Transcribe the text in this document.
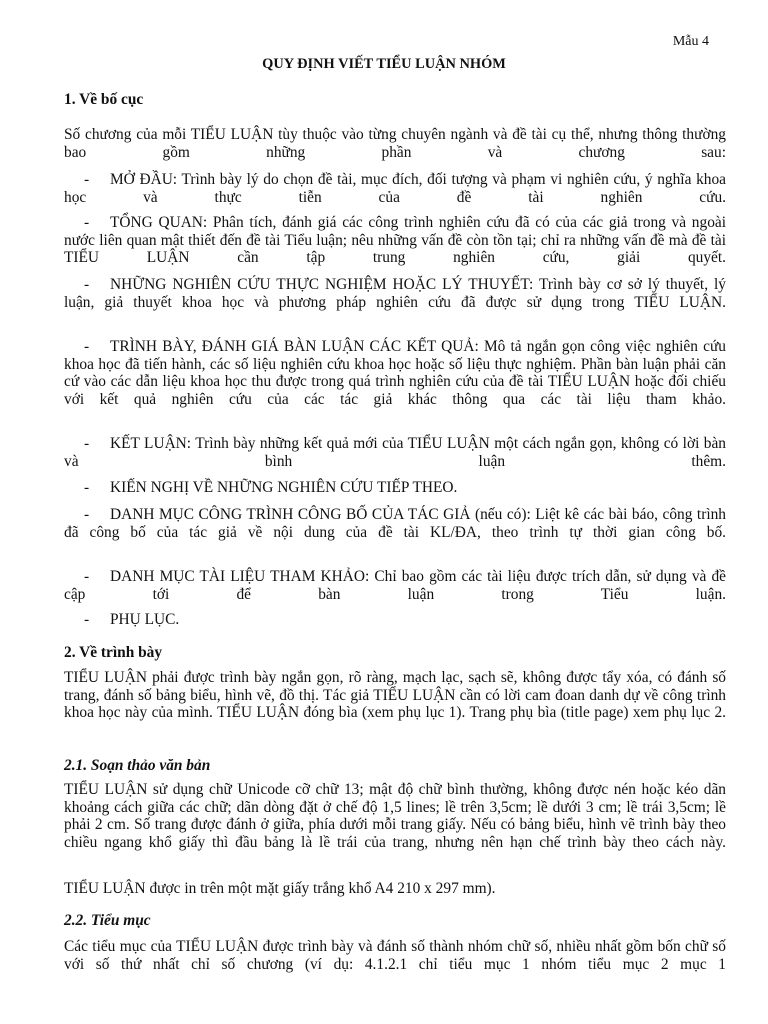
Mẫu 4
QUY ĐỊNH VIẾT TIỂU LUẬN NHÓM
1. Về bố cục

Số chương của mỗi TIỂU LUẬN tùy thuộc vào từng chuyên ngành và đề tài cụ thể, nhưng thông thường bao gồm những phần và chương sau:

- MỞ ĐẦU: Trình bày lý do chọn đề tài, mục đích, đối tượng và phạm vi nghiên cứu, ý nghĩa khoa học và thực tiễn của đề tài nghiên cứu.

- TỔNG QUAN: Phân tích, đánh giá các công trình nghiên cứu đã có của các giả trong và ngoài nước liên quan mật thiết đến đề tài Tiểu luận; nêu những vấn đề còn tồn tại; chỉ ra những vấn đề mà đề tài TIỂU LUẬN cần tập trung nghiên cứu, giải quyết.

- NHỮNG NGHIÊN CỨU THỰC NGHIỆM HOẶC LÝ THUYẾT: Trình bày cơ sở lý thuyết, lý luận, giả thuyết khoa học và phương pháp nghiên cứu đã được sử dụng trong TIỂU LUẬN.

- TRÌNH BÀY, ĐÁNH GIÁ BÀN LUẬN CÁC KẾT QUẢ: Mô tả ngắn gọn công việc nghiên cứu khoa học đã tiến hành, các số liệu nghiên cứu khoa học hoặc số liệu thực nghiệm. Phần bàn luận phải căn cứ vào các dẫn liệu khoa học thu được trong quá trình nghiên cứu của đề tài TIỂU LUẬN hoặc đối chiếu với kết quả nghiên cứu của các tác giả khác thông qua các tài liệu tham khảo.

- KẾT LUẬN: Trình bày những kết quả mới của TIỂU LUẬN một cách ngắn gọn, không có lời bàn và bình luận thêm.

- KIẾN NGHỊ VỀ NHỮNG NGHIÊN CỨU TIẾP THEO.

- DANH MỤC CÔNG TRÌNH CÔNG BỐ CỦA TÁC GIẢ (nếu có): Liệt kê các bài báo, công trình đã công bố của tác giả về nội dung của đề tài KL/ĐA, theo trình tự thời gian công bố.

- DANH MỤC TÀI LIỆU THAM KHẢO: Chỉ bao gồm các tài liệu được trích dẫn, sử dụng và đề cập tới để bàn luận trong Tiểu luận.

- PHỤ LỤC.

2. Về trình bày

TIỂU LUẬN phải được trình bày ngắn gọn, rõ ràng, mạch lạc, sạch sẽ, không được tẩy xóa, có đánh số trang, đánh số bảng biểu, hình vẽ, đồ thị. Tác giả TIỂU LUẬN cần có lời cam đoan danh dự về công trình khoa học này của mình. TIỂU LUẬN đóng bìa (xem phụ lục 1). Trang phụ bìa (title page) xem phụ lục 2.

2.1. Soạn thảo văn bản

TIỂU LUẬN sử dụng chữ Unicode cỡ chữ 13; mật độ chữ bình thường, không được nén hoặc kéo dãn khoảng cách giữa các chữ; dãn dòng đặt ở chế độ 1,5 lines; lề trên 3,5cm; lề dưới 3 cm; lề trái 3,5cm; lề phải 2 cm. Số trang được đánh ở giữa, phía dưới mỗi trang giấy. Nếu có bảng biểu, hình vẽ trình bày theo chiều ngang khổ giấy thì đầu bảng là lề trái của trang, nhưng nên hạn chế trình bày theo cách này.

TIỂU LUẬN được in trên một mặt giấy trắng khổ A4 210 x 297 mm).

2.2. Tiểu mục

Các tiểu mục của TIỂU LUẬN được trình bày và đánh số thành nhóm chữ số, nhiều nhất gồm bốn chữ số với số thứ nhất chỉ số chương (ví dụ: 4.1.2.1 chỉ tiểu mục 1 nhóm tiểu mục 2 mục 1
